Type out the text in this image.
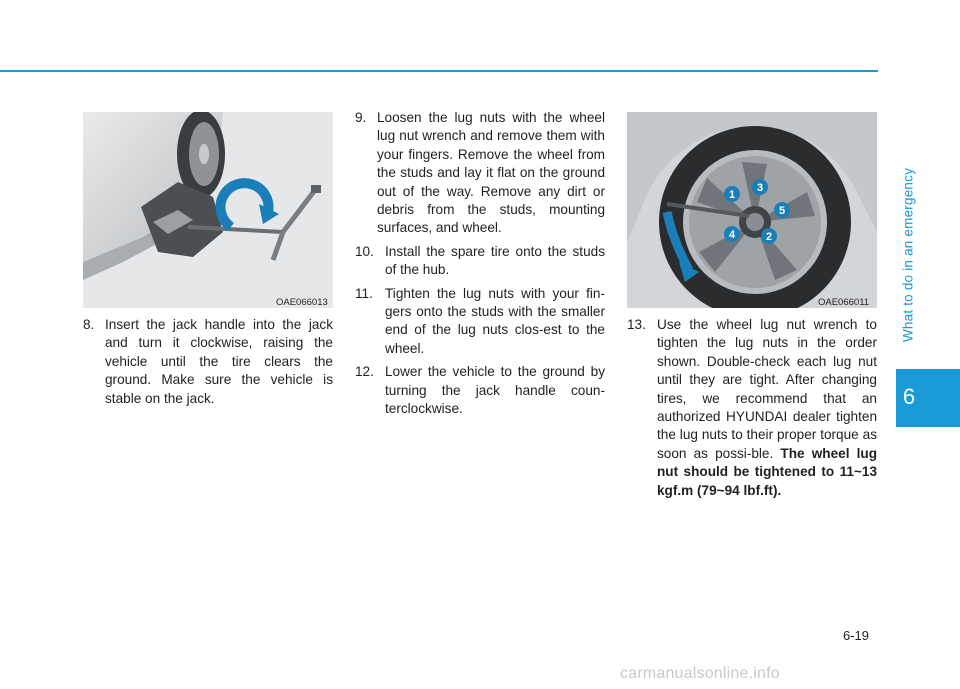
What to do in an emergency
6
OAE066013
1
2
3
4
5
OAE066011
8. Insert the jack handle into the jack and turn it clockwise, raising the vehicle until the tire clears the ground. Make sure the vehicle is stable on the jack.
9. Loosen the lug nuts with the wheel lug nut wrench and remove them with your fingers. Remove the wheel from the studs and lay it flat on the ground out of the way. Remove any dirt or debris from the studs, mounting surfaces, and wheel.
10. Install the spare tire onto the studs of the hub.
11. Tighten the lug nuts with your fin-gers onto the studs with the smaller end of the lug nuts clos-est to the wheel.
12. Lower the vehicle to the ground by turning the jack handle coun-terclockwise.
13. Use the wheel lug nut wrench to tighten the lug nuts in the order shown. Double-check each lug nut until they are tight. After changing tires, we recommend that an authorized HYUNDAI dealer tighten the lug nuts to their proper torque as soon as possi-ble. The wheel lug nut should be tightened to 11~13 kgf.m (79~94 lbf.ft).
6-19
carmanualsonline.info
